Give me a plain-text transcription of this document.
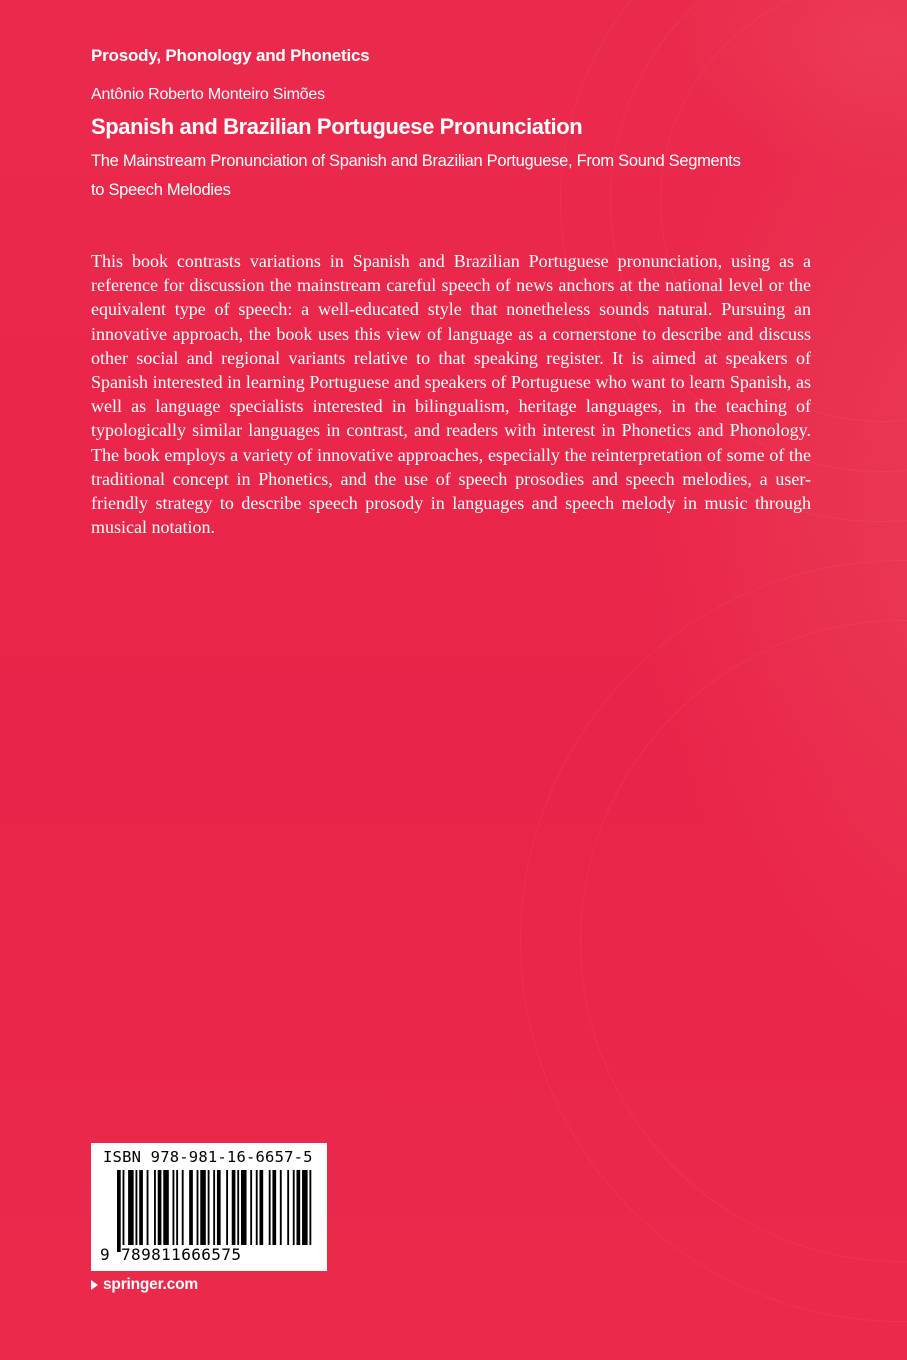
Prosody, Phonology and Phonetics
Antônio Roberto Monteiro Simões
Spanish and Brazilian Portuguese Pronunciation
The Mainstream Pronunciation of Spanish and Brazilian Portuguese, From Sound Segments to Speech Melodies
This book contrasts variations in Spanish and Brazilian Portuguese pronunciation, using as a reference for discussion the mainstream careful speech of news anchors at the national level or the equivalent type of speech: a well-educated style that nonetheless sounds natural. Pursuing an innovative approach, the book uses this view of language as a cornerstone to describe and discuss other social and regional variants relative to that speaking register. It is aimed at speakers of Spanish interested in learning Portuguese and speakers of Portuguese who want to learn Spanish, as well as language specialists interested in bilingualism, heritage languages, in the teaching of typologically similar languages in contrast, and readers with interest in Phonetics and Phonology. The book employs a variety of innovative approaches, especially the reinterpretation of some of the traditional concept in Phonetics, and the use of speech prosodies and speech melodies, a user-friendly strategy to describe speech prosody in languages and speech melody in music through musical notation.
ISBN 978-981-16-6657-5
9 789811666575
springer.com
